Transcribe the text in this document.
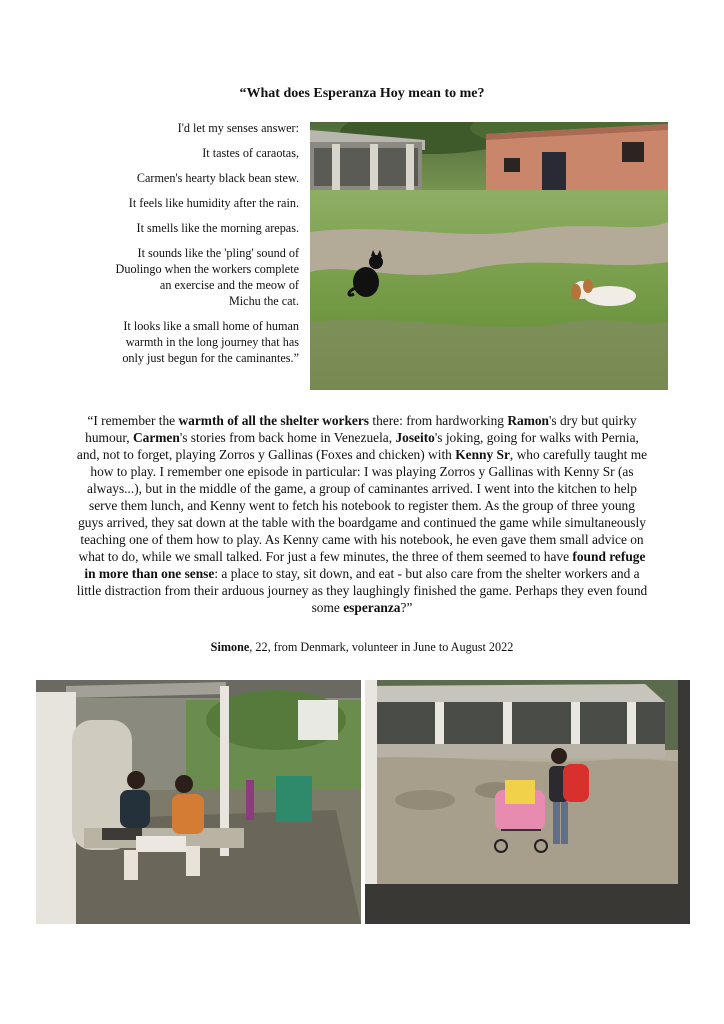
“What does Esperanza Hoy mean to me?
I'd let my senses answer:
It tastes of caraotas,
Carmen's hearty black bean stew.
It feels like humidity after the rain.
It smells like the morning arepas.
It sounds like the 'pling' sound of
Duolingo when the workers complete
an exercise and the meow of
Michu the cat.
It looks like a small home of human
warmth in the long journey that has
only just begun for the caminantes.”
“I remember the warmth of all the shelter workers there: from hardworking Ramon's dry but quirky humour, Carmen's stories from back home in Venezuela, Joseito's joking, going for walks with Pernia, and, not to forget, playing Zorros y Gallinas (Foxes and chicken) with Kenny Sr, who carefully taught me how to play. I remember one episode in particular: I was playing Zorros y Gallinas with Kenny Sr (as always...), but in the middle of the game, a group of caminantes arrived. I went into the kitchen to help serve them lunch, and Kenny went to fetch his notebook to register them. As the group of three young guys arrived, they sat down at the table with the boardgame and continued the game while simultaneously teaching one of them how to play. As Kenny came with his notebook, he even gave them small advice on what to do, while we small talked. For just a few minutes, the three of them seemed to have found refuge in more than one sense: a place to stay, sit down, and eat - but also care from the shelter workers and a little distraction from their arduous journey as they laughingly finished the game. Perhaps they even found some esperanza?”
Simone, 22, from Denmark, volunteer in June to August 2022
